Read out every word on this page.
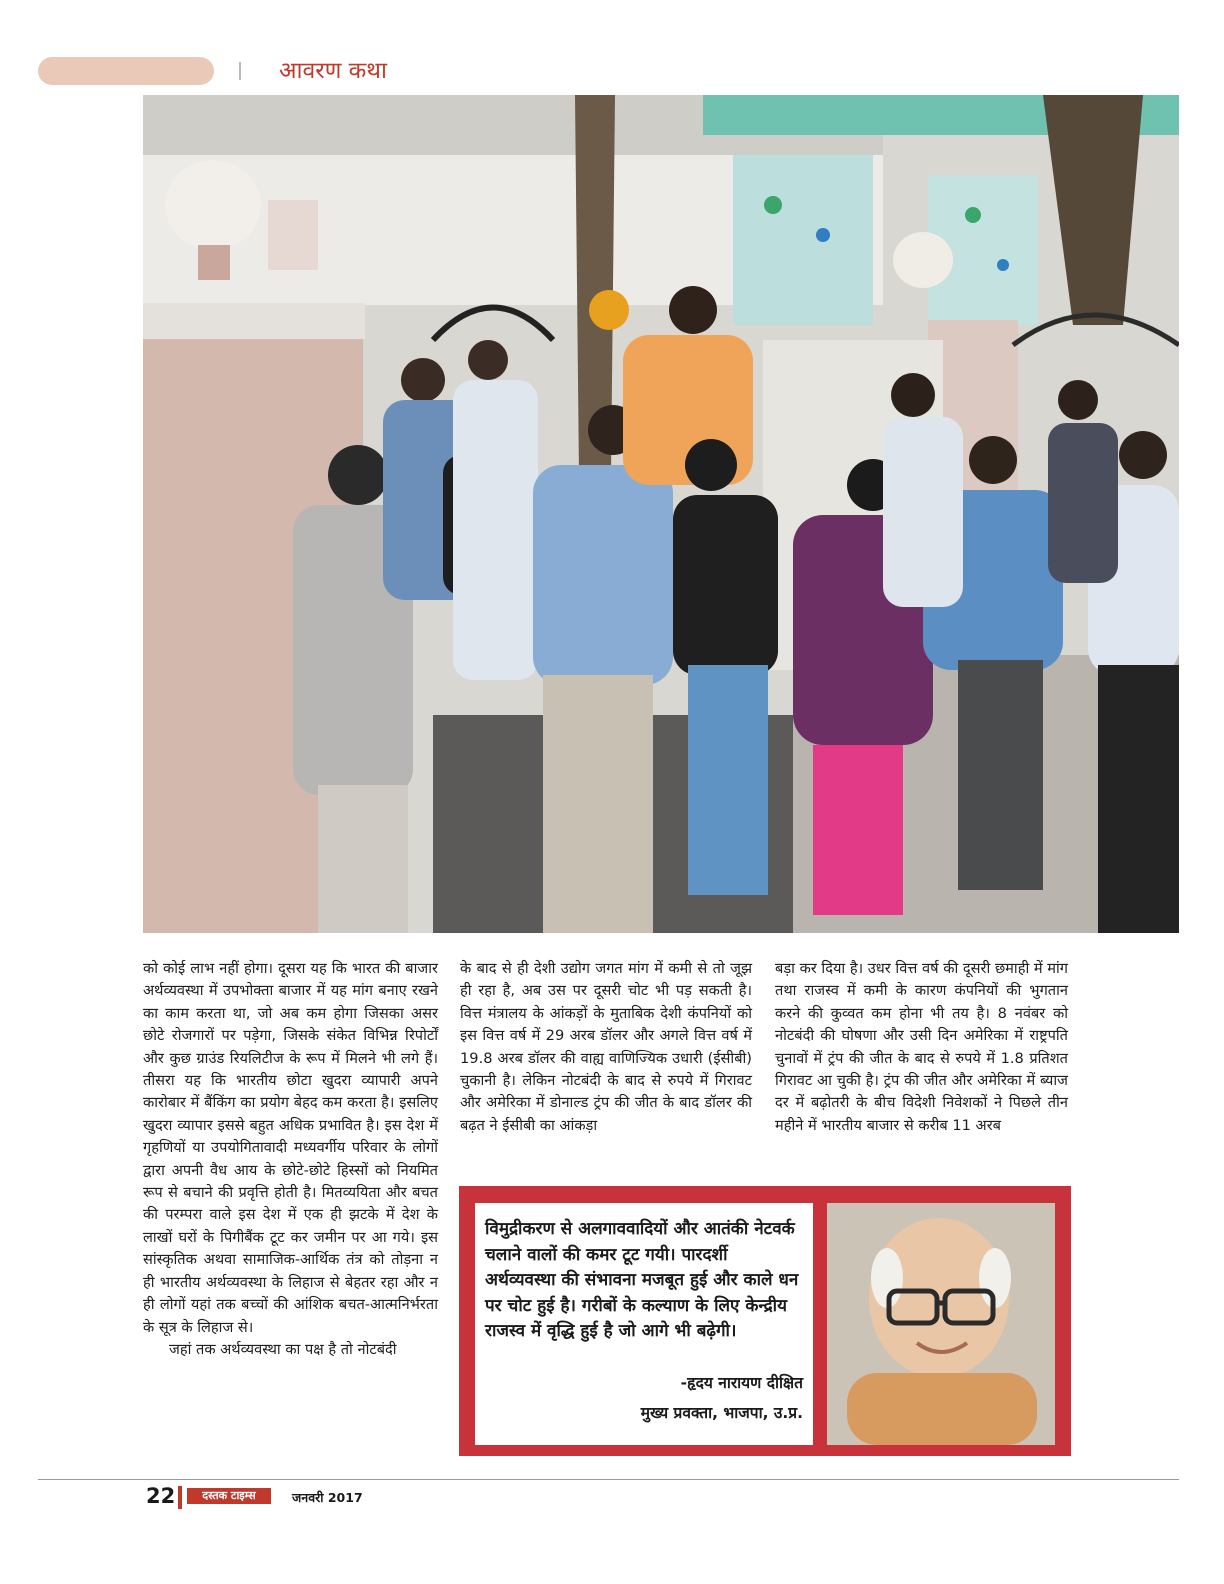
आवरण कथा

को कोई लाभ नहीं होगा। दूसरा यह कि भारत की बाजार अर्थव्यवस्था में उपभोक्ता बाजार में यह मांग बनाए रखने का काम करता था, जो अब कम होगा जिसका असर छोटे रोजगारों पर पड़ेगा, जिसके संकेत विभिन्न रिपोर्टों और कुछ ग्राउंड रियलिटीज के रूप में मिलने भी लगे हैं। तीसरा यह कि भारतीय छोटा खुदरा व्यापारी अपने कारोबार में बैंकिंग का प्रयोग बेहद कम करता है। इसलिए खुदरा व्यापार इससे बहुत अधिक प्रभावित है। इस देश में गृहणियों या उपयोगितावादी मध्यवर्गीय परिवार के लोगों द्वारा अपनी वैध आय के छोटे-छोटे हिस्सों को नियमित रूप से बचाने की प्रवृत्ति होती है। मितव्ययिता और बचत की परम्परा वाले इस देश में एक ही झटके में देश के लाखों घरों के पिगीबैंक टूट कर जमीन पर आ गये। इस सांस्कृतिक अथवा सामाजिक-आर्थिक तंत्र को तोड़ना न ही भारतीय अर्थव्यवस्था के लिहाज से बेहतर रहा और न ही लोगों यहां तक बच्चों की आंशिक बचत-आत्मनिर्भरता के सूत्र के लिहाज से।

जहां तक अर्थव्यवस्था का पक्ष है तो नोटबंदी

के बाद से ही देशी उद्योग जगत मांग में कमी से तो जूझ ही रहा है, अब उस पर दूसरी चोट भी पड़ सकती है। वित्त मंत्रालय के आंकड़ों के मुताबिक देशी कंपनियों को इस वित्त वर्ष में 29 अरब डॉलर और अगले वित्त वर्ष में 19.8 अरब डॉलर की वाह्य वाणिज्यिक उधारी (ईसीबी) चुकानी है। लेकिन नोटबंदी के बाद से रुपये में गिरावट और अमेरिका में डोनाल्ड ट्रंप की जीत के बाद डॉलर की बढ़त ने ईसीबी का आंकड़ा

बड़ा कर दिया है। उधर वित्त वर्ष की दूसरी छमाही में मांग तथा राजस्व में कमी के कारण कंपनियों की भुगतान करने की कुव्वत कम होना भी तय है। 8 नवंबर को नोटबंदी की घोषणा और उसी दिन अमेरिका में राष्ट्रपति चुनावों में ट्रंप की जीत के बाद से रुपये में 1.8 प्रतिशत गिरावट आ चुकी है। ट्रंप की जीत और अमेरिका में ब्याज दर में बढ़ोतरी के बीच विदेशी निवेशकों ने पिछले तीन महीने में भारतीय बाजार से करीब 11 अरब

विमुद्रीकरण से अलगाववादियों और आतंकी नेटवर्क चलाने वालों की कमर टूट गयी। पारदर्शी अर्थव्यवस्था की संभावना मजबूत हुई और काले धन पर चोट हुई है। गरीबों के कल्याण के लिए केन्द्रीय राजस्व में वृद्धि हुई है जो आगे भी बढ़ेगी।
-हृदय नारायण दीक्षित
मुख्य प्रवक्ता, भाजपा, उ.प्र.
22	दस्तक टाइम्स	जनवरी 2017
